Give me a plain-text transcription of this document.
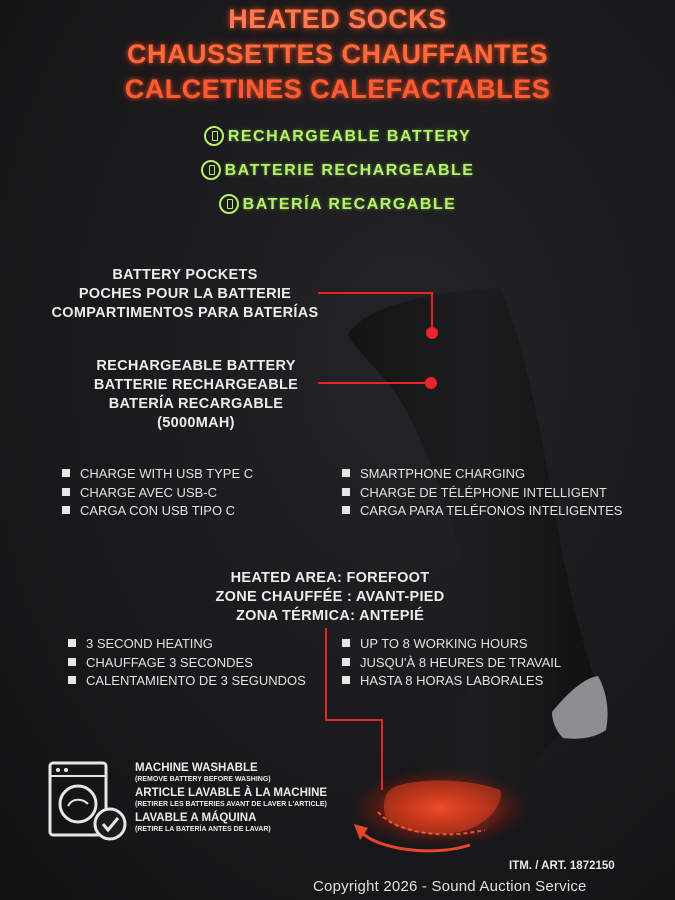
HEATED SOCKS
CHAUSSETTES CHAUFFANTES
CALCETINES CALEFACTABLES
RECHARGEABLE BATTERY
BATTERIE RECHARGEABLE
BATERÍA RECARGABLE
BATTERY POCKETS
POCHES POUR LA BATTERIE
COMPARTIMENTOS PARA BATERÍAS
RECHARGEABLE BATTERY
BATTERIE RECHARGEABLE
BATERÍA RECARGABLE
(5000MAH)
CHARGE WITH USB TYPE C
CHARGE AVEC USB-C
CARGA CON USB TIPO C
SMARTPHONE CHARGING
CHARGE DE TÉLÉPHONE INTELLIGENT
CARGA PARA TELÉFONOS INTELIGENTES
HEATED AREA: FOREFOOT
ZONE CHAUFFÉE : AVANT-PIED
ZONA TÉRMICA: ANTEPIÉ
3 SECOND HEATING
CHAUFFAGE 3 SECONDES
CALENTAMIENTO DE 3 SEGUNDOS
UP TO 8 WORKING HOURS
JUSQU'À 8 HEURES DE TRAVAIL
HASTA 8 HORAS LABORALES
MACHINE WASHABLE
(REMOVE BATTERY BEFORE WASHING)
ARTICLE LAVABLE À LA MACHINE
(RETIRER LES BATTERIES AVANT DE LAVER L'ARTICLE)
LAVABLE A MÁQUINA
(RETIRE LA BATERÍA ANTES DE LAVAR)
ITM. / ART. 1872150
Copyright 2026 - Sound Auction Service
